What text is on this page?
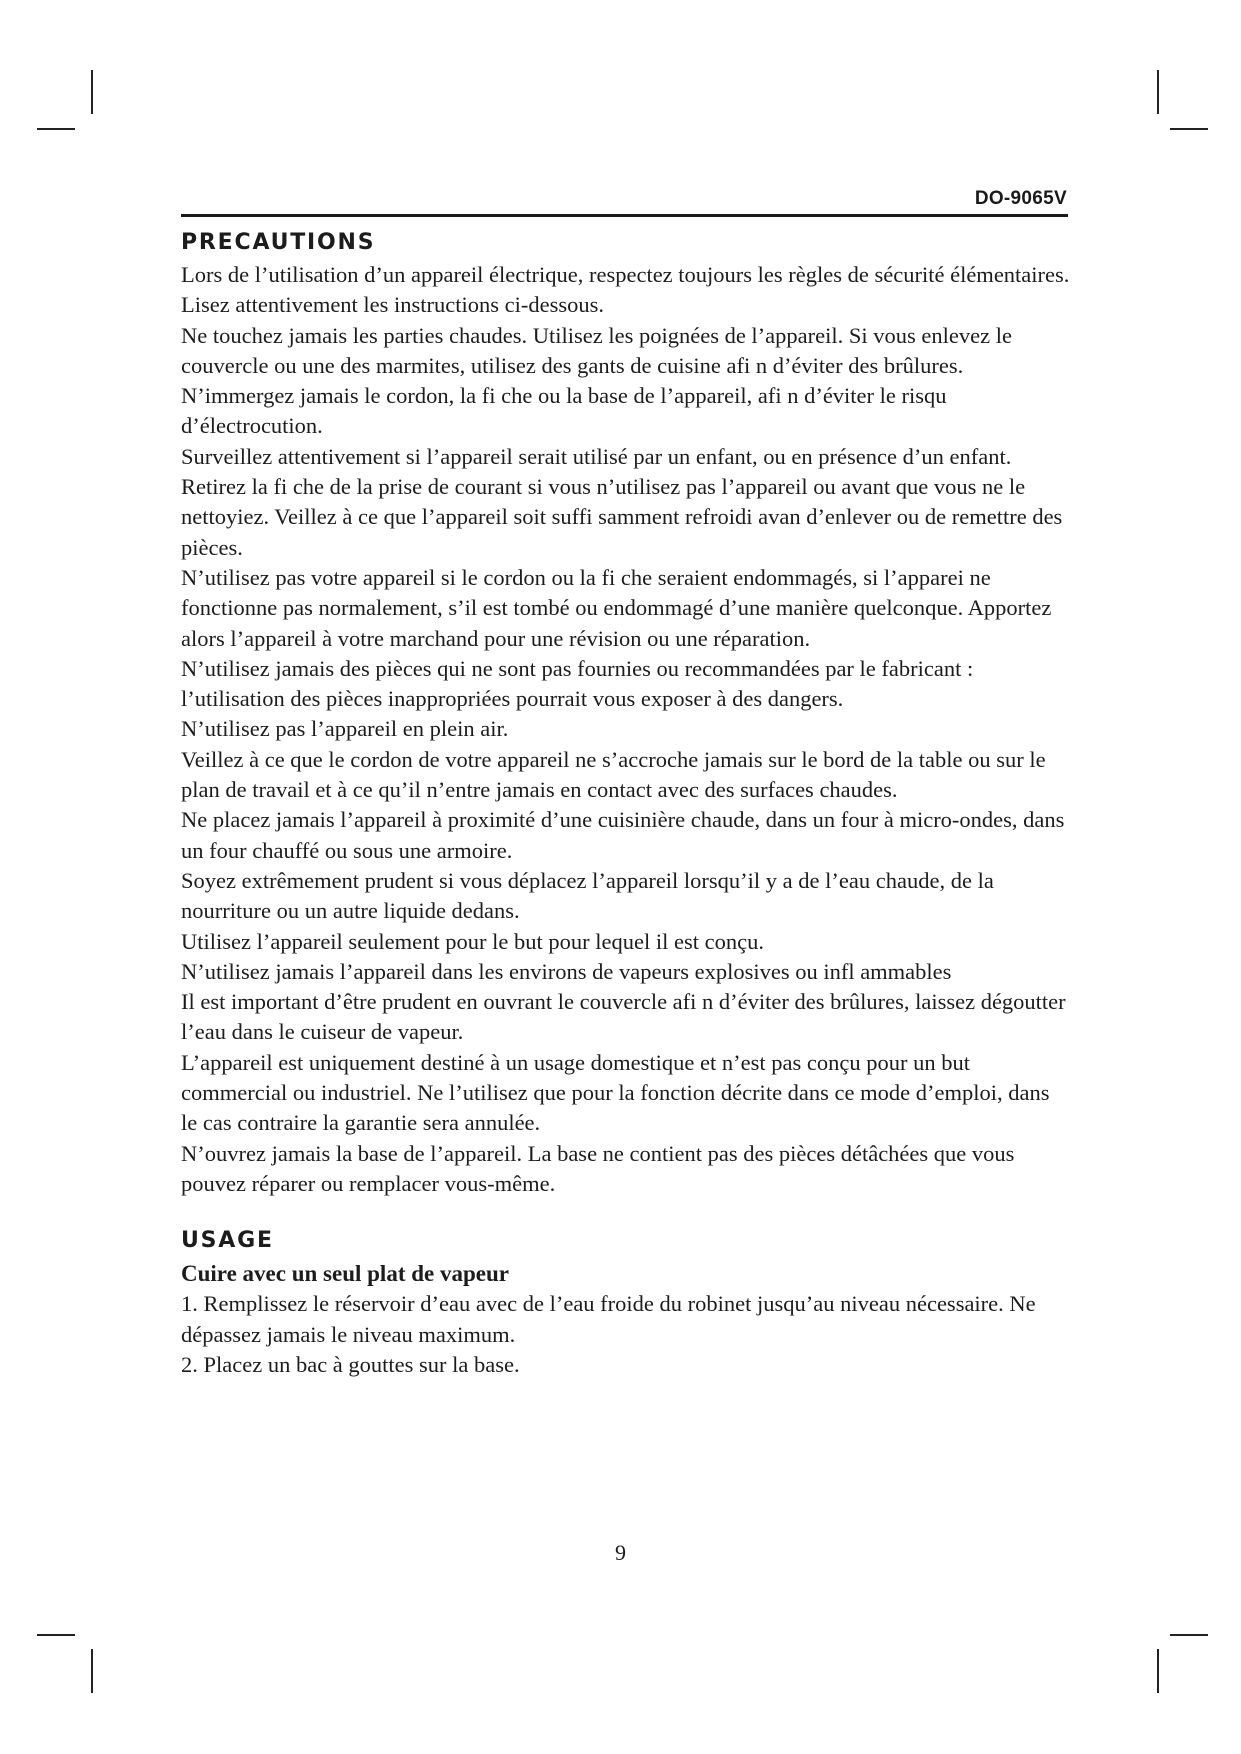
DO-9065V
PRECAUTIONS

Lors de l’utilisation d’un appareil électrique, respectez toujours les règles de sécurité élémentaires.

Lisez attentivement les instructions ci-dessous.

Ne touchez jamais les parties chaudes. Utilisez les poignées de l’appareil. Si vous enlevez le couvercle ou une des marmites, utilisez des gants de cuisine afi n d’éviter des brûlures.

N’immergez jamais le cordon, la fi che ou la base de l’appareil, afi n d’éviter le risqu d’électrocution.

Surveillez attentivement si l’appareil serait utilisé par un enfant, ou en présence d’un enfant.

Retirez la fi che de la prise de courant si vous n’utilisez pas l’appareil ou avant que vous ne le nettoyiez. Veillez à ce que l’appareil soit suffi samment refroidi avan d’enlever ou de remettre des pièces.

N’utilisez pas votre appareil si le cordon ou la fi che seraient endommagés, si l’apparei ne fonctionne pas normalement, s’il est tombé ou endommagé d’une manière quelconque. Apportez alors l’appareil à votre marchand pour une révision ou une réparation.

N’utilisez jamais des pièces qui ne sont pas fournies ou recommandées par le fabricant : l’utilisation des pièces inappropriées pourrait vous exposer à des dangers.

N’utilisez pas l’appareil en plein air.

Veillez à ce que le cordon de votre appareil ne s’accroche jamais sur le bord de la table ou sur le plan de travail et à ce qu’il n’entre jamais en contact avec des surfaces chaudes.

Ne placez jamais l’appareil à proximité d’une cuisinière chaude, dans un four à micro-ondes, dans un four chauffé ou sous une armoire.

Soyez extrêmement prudent si vous déplacez l’appareil lorsqu’il y a de l’eau chaude, de la nourriture ou un autre liquide dedans.

Utilisez l’appareil seulement pour le but pour lequel il est conçu.

N’utilisez jamais l’appareil dans les environs de vapeurs explosives ou infl ammables

Il est important d’être prudent en ouvrant le couvercle afi n d’éviter des brûlures, laissez dégoutter l’eau dans le cuiseur de vapeur.

L’appareil est uniquement destiné à un usage domestique et n’est pas conçu pour un but commercial ou industriel. Ne l’utilisez que pour la fonction décrite dans ce mode d’emploi, dans le cas contraire la garantie sera annulée.

N’ouvrez jamais la base de l’appareil. La base ne contient pas des pièces détâchées que vous pouvez réparer ou remplacer vous-même.

USAGE
Cuire avec un seul plat de vapeur

1. Remplissez le réservoir d’eau avec de l’eau froide du robinet jusqu’au niveau nécessaire. Ne dépassez jamais le niveau maximum.

2. Placez un bac à gouttes sur la base.

9
